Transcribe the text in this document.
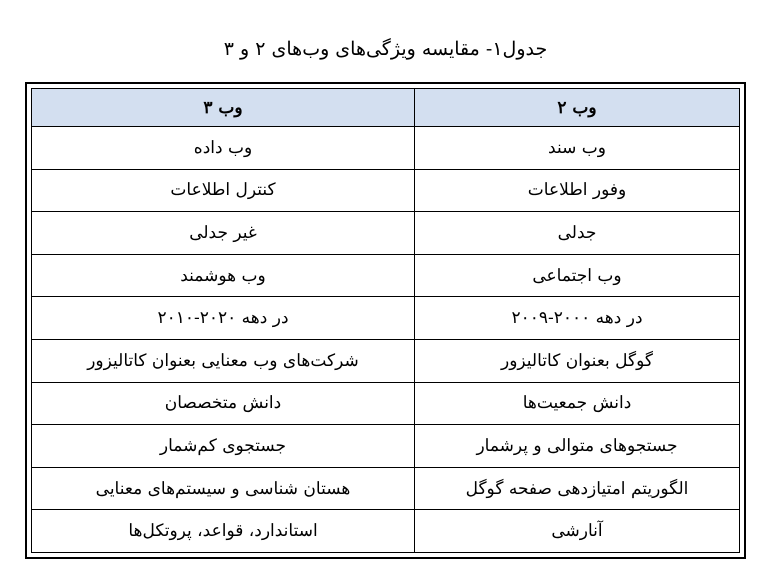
جدول۱- مقایسه ویژگی‌های وب‌های ۲ و ۳
وب ۲	وب ۳
وب سند	وب داده
وفور اطلاعات	کنترل اطلاعات
جدلی	غیر جدلی
وب اجتماعی	وب هوشمند
در دهه ۲۰۰۰-۲۰۰۹	در دهه ۲۰۲۰-۲۰۱۰
گوگل بعنوان کاتالیزور	شرکت‌های وب معنایی بعنوان کاتالیزور
دانش جمعیت‌ها	دانش متخصصان
جستجوهای متوالی و پرشمار	جستجوی کم‌شمار
الگوریتم امتیازدهی صفحه گوگل	هستان شناسی و سیستم‌های معنایی
آنارشی	استاندارد، قواعد، پروتکل‌ها
